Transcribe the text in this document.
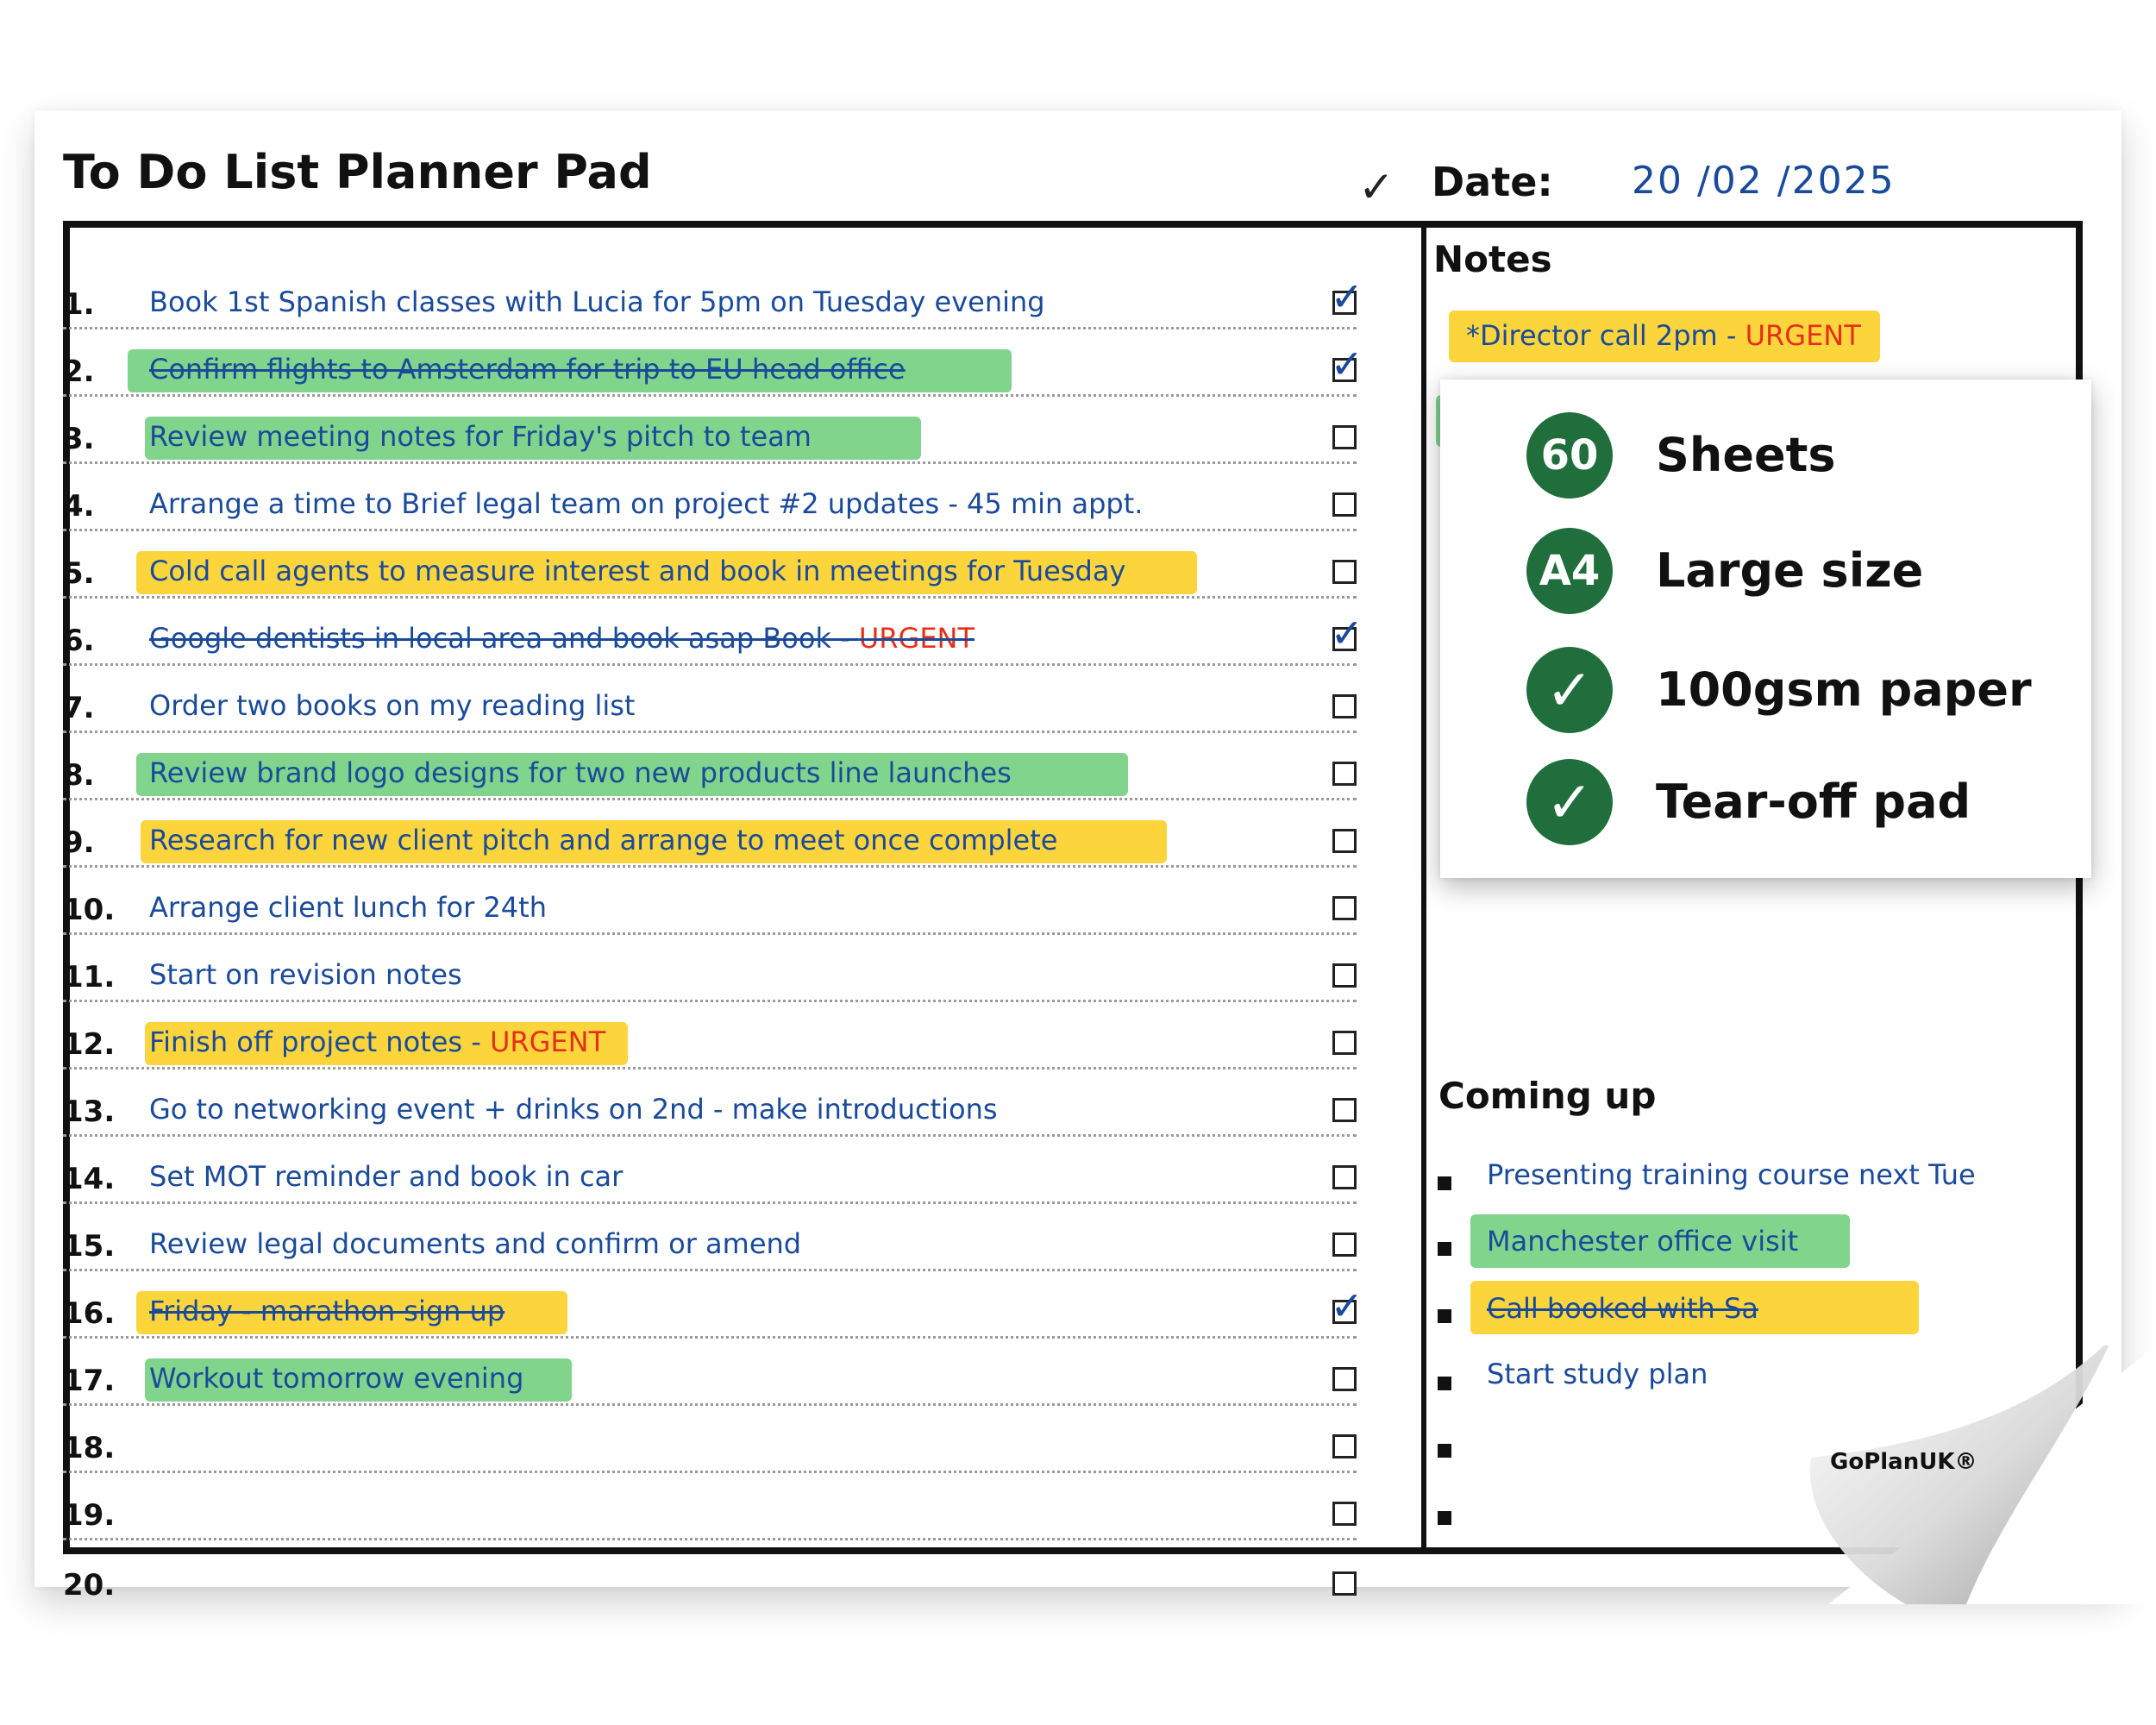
To Do List Planner Pad	✓ Date: 20 /02 /2025
1. Book 1st Spanish classes with Lucia for 5pm on Tuesday evening	✓
2. Confirm flights to Amsterdam for trip to EU head office	✓
3. Review meeting notes for Friday's pitch to team
4. Arrange a time to Brief legal team on project #2 updates - 45 min appt.
5. Cold call agents to measure interest and book in meetings for Tuesday
6. Google dentists in local area and book asap Book - URGENT	✓
7. Order two books on my reading list
8. Review brand logo designs for two new products line launches
9. Research for new client pitch and arrange to meet once complete
10. Arrange client lunch for 24th
11. Start on revision notes
12. Finish off project notes - URGENT
13. Go to networking event + drinks on 2nd - make introductions
14. Set MOT reminder and book in car
15. Review legal documents and confirm or amend
16. Friday - marathon sign up	✓
17. Workout tomorrow evening
18.
19.
20.
Notes
*Director call 2pm - URGENT
Coming up
Presenting training course next Tue
Manchester office visit
Call booked with Sa
Start study plan
60	Sheets
A4 Large size
✓	100gsm paper
✓	Tear-off pad
GoPlanUK®
